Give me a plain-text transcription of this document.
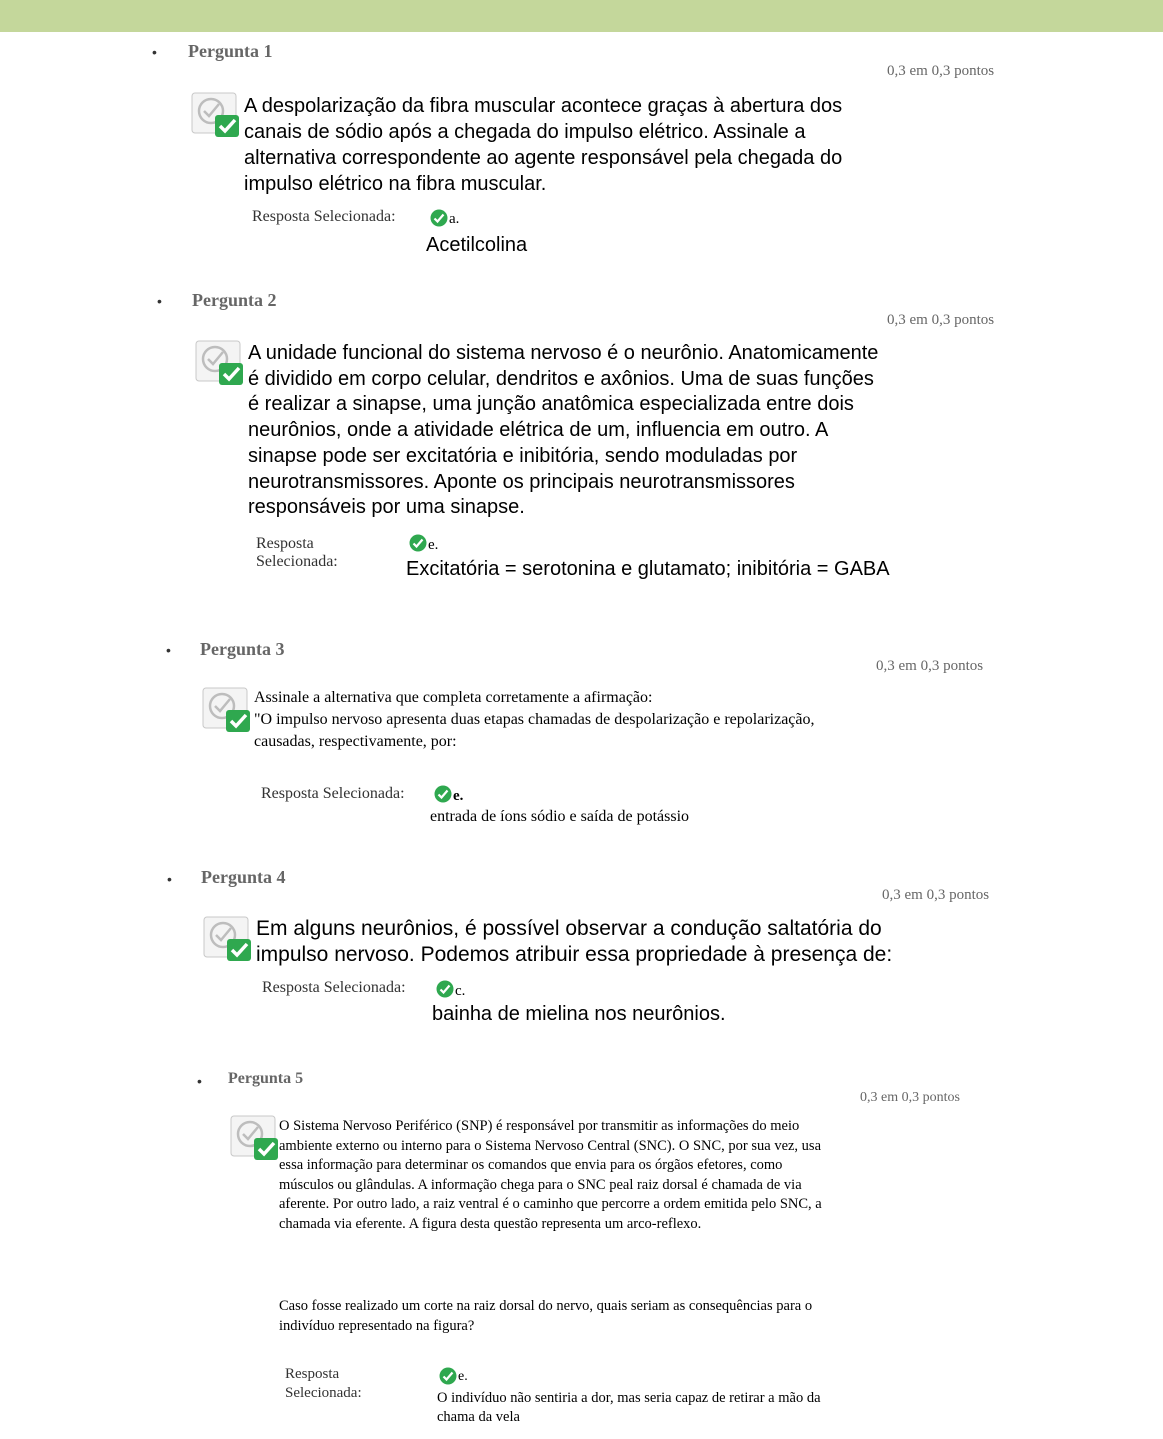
• Pergunta 1
0,3 em 0,3 pontos
A despolarização da fibra muscular acontece graças à abertura dos
canais de sódio após a chegada do impulso elétrico. Assinale a
alternativa correspondente ao agente responsável pela chegada do
impulso elétrico na fibra muscular.
Resposta Selecionada:	a.
Acetilcolina
• Pergunta 2
0,3 em 0,3 pontos
A unidade funcional do sistema nervoso é o neurônio. Anatomicamente
é dividido em corpo celular, dendritos e axônios. Uma de suas funções
é realizar a sinapse, uma junção anatômica especializada entre dois
neurônios, onde a atividade elétrica de um, influencia em outro. A
sinapse pode ser excitatória e inibitória, sendo moduladas por
neurotransmissores. Aponte os principais neurotransmissores
responsáveis por uma sinapse.
Resposta
Selecionada:
e.
Excitatória = serotonina e glutamato; inibitória = GABA
• Pergunta 3
0,3 em 0,3 pontos
Assinale a alternativa que completa corretamente a afirmação:
"O impulso nervoso apresenta duas etapas chamadas de despolarização e repolarização,
causadas, respectivamente, por:
Resposta Selecionada:	e.
entrada de íons sódio e saída de potássio
• Pergunta 4
0,3 em 0,3 pontos
Em alguns neurônios, é possível observar a condução saltatória do
impulso nervoso. Podemos atribuir essa propriedade à presença de:
Resposta Selecionada:	c.
bainha de mielina nos neurônios.
• Pergunta 5
0,3 em 0,3 pontos
O Sistema Nervoso Periférico (SNP) é responsável por transmitir as informações do meio
ambiente externo ou interno para o Sistema Nervoso Central (SNC). O SNC, por sua vez, usa
essa informação para determinar os comandos que envia para os órgãos efetores, como
músculos ou glândulas. A informação chega para o SNC peal raiz dorsal é chamada de via
aferente. Por outro lado, a raiz ventral é o caminho que percorre a ordem emitida pelo SNC, a
chamada via eferente. A figura desta questão representa um arco-reflexo.
Caso fosse realizado um corte na raiz dorsal do nervo, quais seriam as consequências para o
indivíduo representado na figura?
Resposta
Selecionada:
e.
O indivíduo não sentiria a dor, mas seria capaz de retirar a mão da
chama da vela
